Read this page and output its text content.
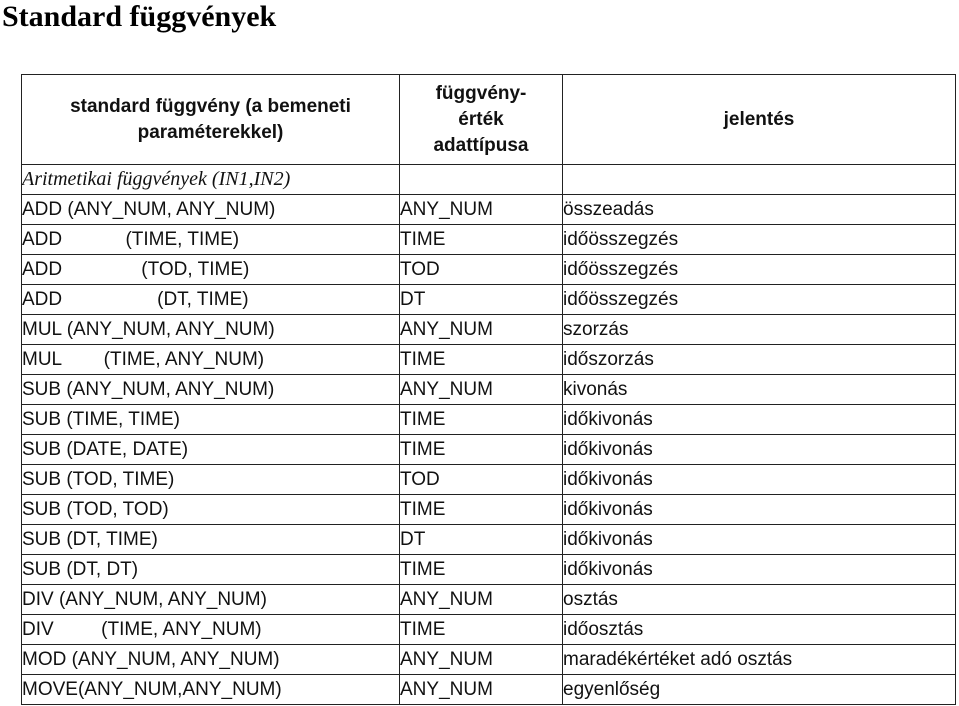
Standard függvények
standard függvény (a bemeneti
paraméterekkel)	függvény-
érték
adattípusa	jelentés
Aritmetikai függvények (IN1,IN2)		
ADD (ANY_NUM, ANY_NUM)	ANY_NUM	összeadás
ADD            (TIME, TIME)	TIME	időösszegzés
ADD               (TOD, TIME)	TOD	időösszegzés
ADD                  (DT, TIME)	DT	időösszegzés
MUL (ANY_NUM, ANY_NUM)	ANY_NUM	szorzás
MUL        (TIME, ANY_NUM)	TIME	időszorzás
SUB (ANY_NUM, ANY_NUM)	ANY_NUM	kivonás
SUB (TIME, TIME)	TIME	időkivonás
SUB (DATE, DATE)	TIME	időkivonás
SUB (TOD, TIME)	TOD	időkivonás
SUB (TOD, TOD)	TIME	időkivonás
SUB (DT, TIME)	DT	időkivonás
SUB (DT, DT)	TIME	időkivonás
DIV (ANY_NUM, ANY_NUM)	ANY_NUM	osztás
DIV         (TIME, ANY_NUM)	TIME	időosztás
MOD (ANY_NUM, ANY_NUM)	ANY_NUM	maradékértéket adó osztás
MOVE(ANY_NUM,ANY_NUM)	ANY_NUM	egyenlőség
